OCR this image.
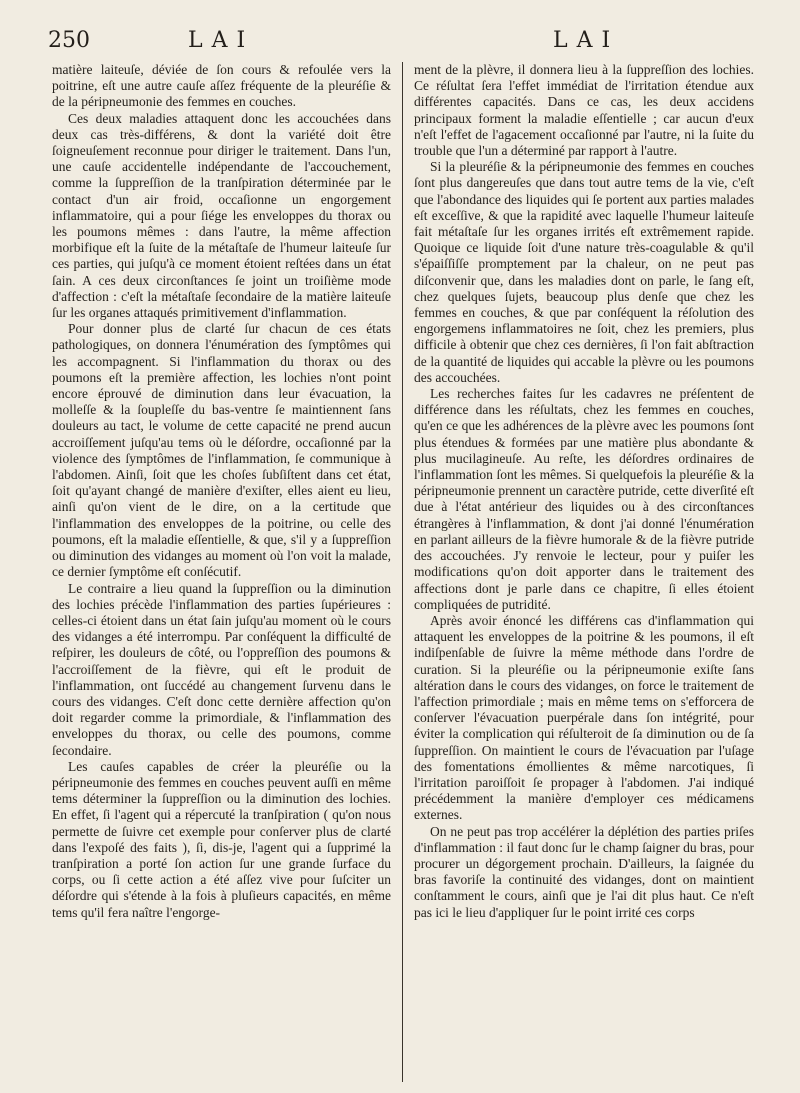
250	LAI	LAI

matière laiteuſe, déviée de ſon cours & refoulée vers la poitrine, eſt une autre cauſe aſſez fréquente de la pleuréſie & de la péripneumonie des femmes en couches.

Ces deux maladies attaquent donc les accouchées dans deux cas très-différens, & dont la variété doit être ſoigneuſement reconnue pour diriger le traitement. Dans l'un, une cauſe accidentelle indépendante de l'accouchement, comme la ſuppreſſion de la tranſpiration déterminée par le contact d'un air froid, occaſionne un engorgement inflammatoire, qui a pour ſiége les enveloppes du thorax ou les poumons mêmes : dans l'autre, la même affection morbifique eſt la ſuite de la métaſtaſe de l'humeur laiteuſe ſur ces parties, qui juſqu'à ce moment étoient reſtées dans un état ſain. A ces deux circonſtances ſe joint un troiſième mode d'affection : c'eſt la métaſtaſe ſecondaire de la matière laiteuſe ſur les organes attaqués primitivement d'inflammation.

Pour donner plus de clarté ſur chacun de ces états pathologiques, on donnera l'énumération des ſymptômes qui les accompagnent. Si l'inflammation du thorax ou des poumons eſt la première affection, les lochies n'ont point encore éprouvé de diminution dans leur évacuation, la molleſſe & la ſoupleſſe du bas-ventre ſe maintiennent ſans douleurs au tact, le volume de cette capacité ne prend aucun accroiſſement juſqu'au tems où le déſordre, occaſionné par la violence des ſymptômes de l'inflammation, ſe communique à l'abdomen. Ainſi, ſoit que les choſes ſubſiſtent dans cet état, ſoit qu'ayant changé de manière d'exiſter, elles aient eu lieu, ainſi qu'on vient de le dire, on a la certitude que l'inflammation des enveloppes de la poitrine, ou celle des poumons, eſt la maladie eſſentielle, & que, s'il y a ſuppreſſion ou diminution des vidanges au moment où l'on voit la malade, ce dernier ſymptôme eſt conſécutif.

Le contraire a lieu quand la ſuppreſſion ou la diminution des lochies précède l'inflammation des parties ſupérieures : celles-ci étoient dans un état ſain juſqu'au moment où le cours des vidanges a été interrompu. Par conſéquent la difficulté de reſpirer, les douleurs de côté, ou l'oppreſſion des poumons & l'accroiſſement de la fièvre, qui eſt le produit de l'inflammation, ont ſuccédé au changement ſurvenu dans le cours des vidanges. C'eſt donc cette dernière affection qu'on doit regarder comme la primordiale, & l'inflammation des enveloppes du thorax, ou celle des poumons, comme ſecondaire.

Les cauſes capables de créer la pleuréſie ou la péripneumonie des femmes en couches peuvent auſſi en même tems déterminer la ſuppreſſion ou la diminution des lochies. En effet, ſi l'agent qui a répercuté la tranſpiration ( qu'on nous permette de ſuivre cet exemple pour conſerver plus de clarté dans l'expoſé des faits ), ſi, dis-je, l'agent qui a ſupprimé la tranſpiration a porté ſon action ſur une grande ſurface du corps, ou ſi cette action a été aſſez vive pour ſuſciter un déſordre qui s'étende à la fois à pluſieurs capacités, en même tems qu'il fera naître l'engorge-

ment de la plèvre, il donnera lieu à la ſuppreſſion des lochies. Ce réſultat ſera l'effet immédiat de l'irritation étendue aux différentes capacités. Dans ce cas, les deux accidens principaux forment la maladie eſſentielle ; car aucun d'eux n'eſt l'effet de l'agacement occaſionné par l'autre, ni la ſuite du trouble que l'un a déterminé par rapport à l'autre.

Si la pleuréſie & la péripneumonie des femmes en couches ſont plus dangereuſes que dans tout autre tems de la vie, c'eſt que l'abondance des liquides qui ſe portent aux parties malades eſt exceſſive, & que la rapidité avec laquelle l'humeur laiteuſe fait métaſtaſe ſur les organes irrités eſt extrêmement rapide. Quoique ce liquide ſoit d'une nature très-coagulable & qu'il s'épaiſſiſſe promptement par la chaleur, on ne peut pas diſconvenir que, dans les maladies dont on parle, le ſang eſt, chez quelques ſujets, beaucoup plus denſe que chez les femmes en couches, & que par conſéquent la réſolution des engorgemens inflammatoires ne ſoit, chez les premiers, plus difficile à obtenir que chez ces dernières, ſi l'on fait abſtraction de la quantité de liquides qui accable la plèvre ou les poumons des accouchées.

Les recherches faites ſur les cadavres ne préſentent de différence dans les réſultats, chez les femmes en couches, qu'en ce que les adhérences de la plèvre avec les poumons ſont plus étendues & formées par une matière plus abondante & plus mucilagineuſe. Au reſte, les déſordres ordinaires de l'inflammation ſont les mêmes. Si quelquefois la pleuréſie & la péripneumonie prennent un caractère putride, cette diverſité eſt due à l'état antérieur des liquides ou à des circonſtances étrangères à l'inflammation, & dont j'ai donné l'énumération en parlant ailleurs de la fièvre humorale & de la fièvre putride des accouchées. J'y renvoie le lecteur, pour y puiſer les modifications qu'on doit apporter dans le traitement des affections dont je parle dans ce chapitre, ſi elles étoient compliquées de putridité.

Après avoir énoncé les différens cas d'inflammation qui attaquent les enveloppes de la poitrine & les poumons, il eſt indiſpenſable de ſuivre la même méthode dans l'ordre de curation. Si la pleuréſie ou la péripneumonie exiſte ſans altération dans le cours des vidanges, on force le traitement de l'affection primordiale ; mais en même tems on s'efforcera de conſerver l'évacuation puerpérale dans ſon intégrité, pour éviter la complication qui réſulteroit de ſa diminution ou de ſa ſuppreſſion. On maintient le cours de l'évacuation par l'uſage des fomentations émollientes & même narcotiques, ſi l'irritation paroiſſoit ſe propager à l'abdomen. J'ai indiqué précédemment la manière d'employer ces médicamens externes.

On ne peut pas trop accélérer la déplétion des parties priſes d'inflammation : il faut donc ſur le champ ſaigner du bras, pour procurer un dégorgement prochain. D'ailleurs, la ſaignée du bras favoriſe la continuité des vidanges, dont on maintient conſtamment le cours, ainſi que je l'ai dit plus haut. Ce n'eſt pas ici le lieu d'appliquer ſur le point irrité ces corps
